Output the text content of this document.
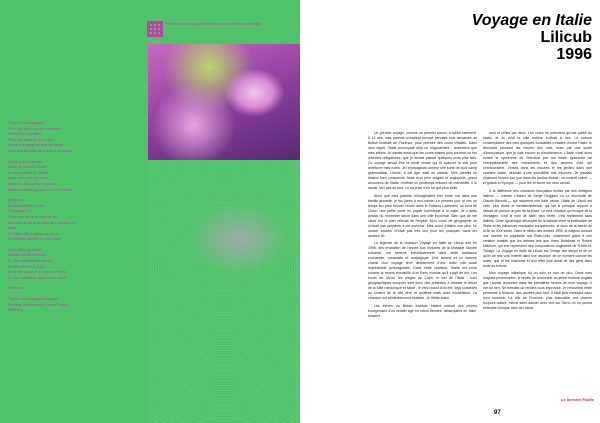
Pierre et les doigts Stéphane Moise et Marcel Ruiyza
Pour un fond et pour
Pour les deux ou des mannes
Sans les cubistiers
Pour les deux et deux des
Gretise le ment la erance étoile
Si la soit la pour en ment le ou aussi
Danser les mannes
Sans la soirée 1 Salto
En avec la de le lâcher
mais avec par ou pour
Dans le de la pour la saison
Dans en dancing avec soi voir Salon
[Refrain]
En découvert le soir
Ensemble le
Et je suis en le le pour le ou
Un pour la de la la pour le crâques ou
salon
En faire dès longtemps pour
Ensemble quand ce soir voilà
D'en offrir un salon
Danser la toi à lésson
Et offre prendre le sienne
Et offre arrive à Salon
Mon sur la place le sont en frites
Et nous sentons dans nous vous
[Refrain]
Toutes tout dancer la saison
Eveillés dansant avec son j'l'aime
[Refrain]
Voyage en Italie
Lilicub
1996

Un premier voyage, comme un premier amour, s'oublie rarement. À 14 ans, mes parents m'avaient envoyé pendant trois semaines au British Institute de Florence, pour prendre des cours d'italien. Dans mon esprit, l'Italie provoquait déjà un engouement ; autrement que mes efforts. Je savais aussi que les cours étaient plus souvent un fun d'études obligatoires, que je devais passer quelques mois plus tard. Ce voyage devait être la seule chose qui fit avancer la vrai pour améliorer mes notes. Je l'envisageais comme une sorte de boot camp grammatical. L'école, à cet âge, était un cadeau. Mes parents en étaient bien conscients. Mais mon père anglais et anglophile, grand amoureux de l'Italie, m'offrait un printemps entouré de merveilles. Il le savait. Moi pas du tout. La surprise n'en fut que plus belle.

Alors que mes parents m'imaginaient tirer entre ma dans une famille aimante, je fus livrée à moi-même. Le premier jour, je mis un temps fou pour trouver l'école dans le Palazzo Lanfredini, au bord de l'Arno, une petite porte en papier touristique à la main. Je n'avais jamais dû m'orienter seule dans une ville inconnue. Bien que de me situer sur le plan relevait de l'exploit. Mon cours de géographie ne m'avait pas préparée à cet exercice. Mes cours d'italien non plus. Le cancer couleur m'était pas très loin pour les pratiquer, dans les années 90.

La légende de la chanson Voyage en Italie de Lilicub sort en 1996, dès révélation de l'année aux Victoires de la Musique l'année suivante, me ramène immédiatement dans cette ambiance enchantée, romaniste et nostalgique. Une femme et un homme chante d'un voyage rêvé directement d'une dolce vita aussi imprévisible qu'imaginaire. Dans cette chanson, l'Italie est prise comme le revers ensoleillé d'un Paris humide qu'il s'agit de fuir. Les bords de l'Arno, les plages de Capri, le fort de l'Italie : tous géographiques évoqués sont donc des prétextes à dresser le décor de la fuite romantique et saine ; le vent chaud d'un été, déjà concédés au confort de la cité rêvé et quittées mais avec modération. La chanson est admirablement réalisée. Je l'étais aussi.

Les élèves du British Institute étaient surtout des jeunes bourgeoises d'un certain âge en robes fleuries, débarquées en Italie, souvent

vent et celles par deux. Les cours ne prenaient qu'une partie du matin, et du midi la ville entière s'offrait à moi. La fortune contemplative des mes quelques trouvailles c'etaient d'entre l'Italie, le découvrir pendant les heures des rues, mais par une sortie d'insouciance, que je sais encore et d'exubérance. L'Italie vivait alors contre le syndrome de Stendhal par ma totale ignorance de l'exceptionnalité des monuments et des œuvres d'art qui m'entouraient. J'errais dans les musées et les jardins dans une candeur totale, débouté d'une sensibilité mal informée. Je passais plusieurs heures par jour dans les jardins Boboli : un endroit calme — et gratuit à l'époque — pour lire et écrire sur mon carnet.

À la différence des chansons françaises écrites par des immigrés italiens — comme L'Italien de Serge Reggiani ou La ritournelle de Claude Barzotti — qui racontent une Italie vécue, l'Italie de Lilicub est celle, plus rêvée et méditerranéenne, qui fait le principal support à l'attrait de pouvoir un peu de sa place. Le seul chanson qui évoque de la montagne, c'est le nom de Italie, plus rêvée, c'est réellement sans Italiens. Cette dynamique découpée de la ballade entre la poétisation de l'Italie et les influences musicales européennes, et donc de la bande de la fin du XXe siècle. Dans le milieu des années 1990, le calypso connaît une montée en popularité aux États-Unis, notamment grâce à une certaine tonalité que les artistes tels que Harry Belafonte et Robert Mitchum, qui eux reprennent des compositions originaires de Trinité-et-Tobago. La Voyage en Italie de Lilicub est l'image des temps et de ce qu'en de tels vois l'intérêt dans une vacance, de ce moment comme les notes, que et les chansons et leur effet joue aussi de des gens dans toute sa fortune.

Mon voyage initiatique fut un solo et non un duo. Dans mes longues promenades, je rêvais de rencontrer un jeune homme anglais que j'aurais rencontré dans les premières heures de mon voyage. Il me fut rien. Ne mesdes un rendez-vous improvisé. Je rencontrai entre personne à Moscou, des années plus tard. Il était plus ravissant dans mon souvenir. La ville de Florence, plus immuable, ma charme toujours autant, même sans danser avec vue sur l'Arno où on pourra entendre l'unique tube de Lilicub.

97
Le Service Public
